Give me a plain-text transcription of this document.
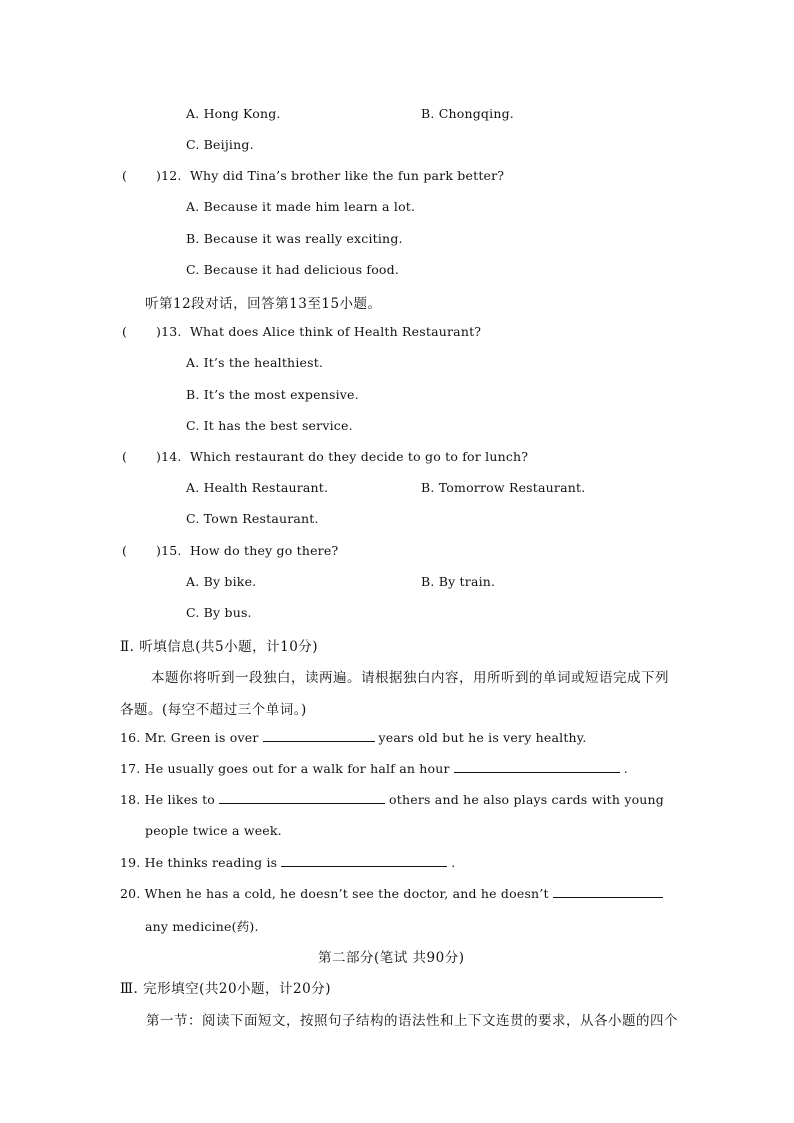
A. Hong Kong.	B. Chongqing.
C. Beijing.
( )12. Why did Tina’s brother like the fun park better?
A. Because it made him learn a lot.
B. Because it was really exciting.
C. Because it had delicious food.
听第12段对话，回答第13至15小题。
( )13. What does Alice think of Health Restaurant?
A. It’s the healthiest.
B. It’s the most expensive.
C. It has the best service.
( )14. Which restaurant do they decide to go to for lunch?
A. Health Restaurant.	B. Tomorrow Restaurant.
C. Town Restaurant.
( )15. How do they go there?
A. By bike.	B. By train.
C. By bus.
Ⅱ. 听填信息(共5小题，计10分)
本题你将听到一段独白，读两遍。请根据独白内容，用所听到的单词或短语完成下列
各题。(每空不超过三个单词。)
16. Mr. Green is over	years old but he is very healthy.
17. He usually goes out for a walk for half an hour	.
18. He likes to	others and he also plays cards with young
people twice a week.
19. He thinks reading is	.
20. When he has a cold, he doesn’t see the doctor, and he doesn’t
any medicine(药).
第二部分(笔试 共90分)
Ⅲ. 完形填空(共20小题，计20分)
第一节：阅读下面短文，按照句子结构的语法性和上下文连贯的要求，从各小题的四个
